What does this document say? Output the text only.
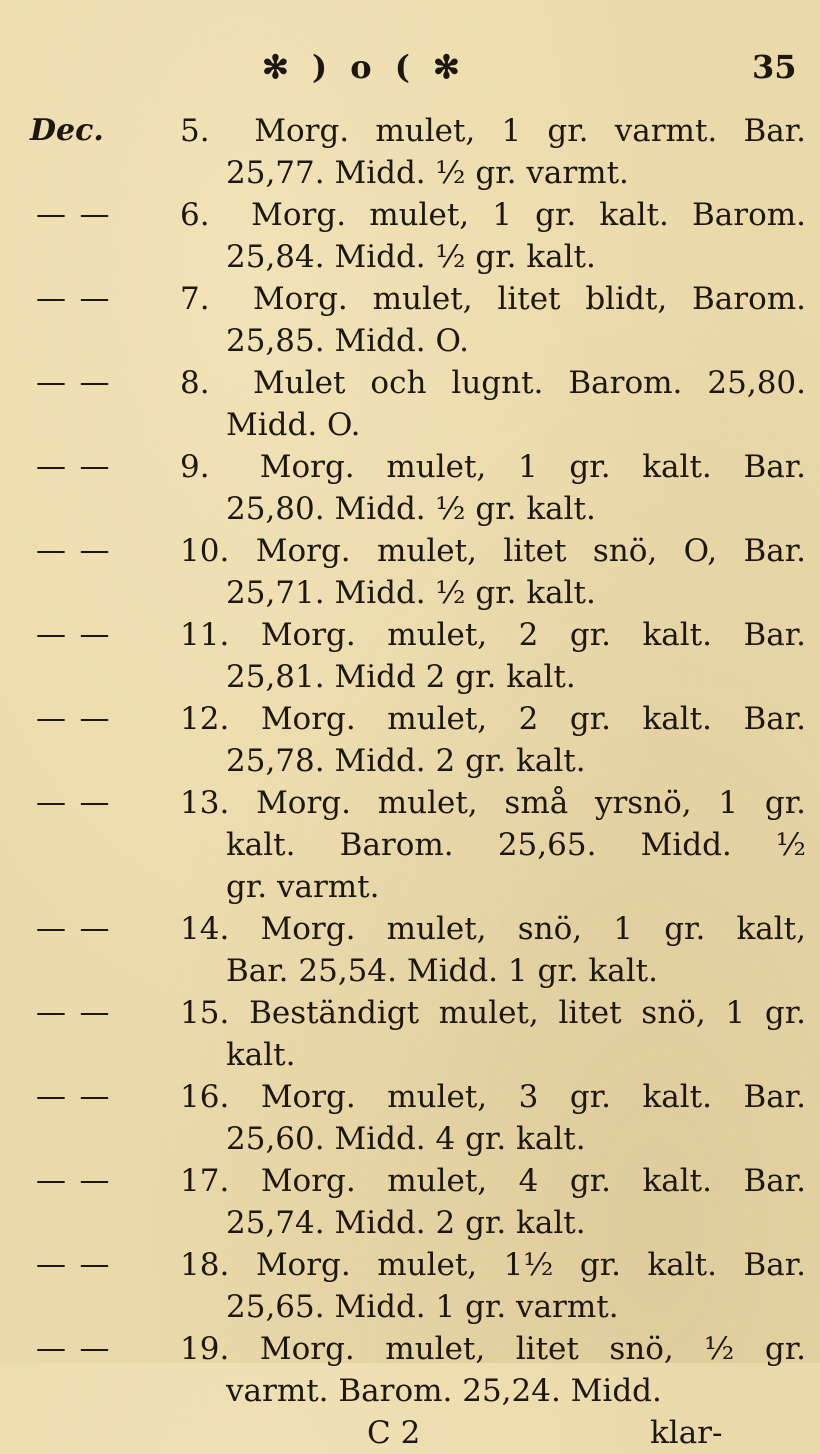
✻ ) o ( ✻	35
Dec.	5. Morg. mulet, 1 gr. varmt. Bar.
25,77. Midd. ½ gr. varmt.
— — 6. Morg. mulet, 1 gr. kalt. Barom.
25,84. Midd. ½ gr. kalt.
— — 7. Morg. mulet, litet blidt, Barom.
25,85. Midd. O.
— — 8. Mulet och lugnt. Barom. 25,80.
Midd. O.
— — 9. Morg. mulet, 1 gr. kalt. Bar.
25,80. Midd. ½ gr. kalt.
— — 10. Morg. mulet, litet snö, O, Bar.
25,71. Midd. ½ gr. kalt.
— — 11. Morg. mulet, 2 gr. kalt. Bar.
25,81. Midd 2 gr. kalt.
— — 12. Morg. mulet, 2 gr. kalt. Bar.
25,78. Midd. 2 gr. kalt.
— — 13. Morg. mulet, små yrsnö, 1 gr.
kalt. Barom. 25,65. Midd. ½
gr. varmt.
— — 14. Morg. mulet, snö, 1 gr. kalt,
Bar. 25,54. Midd. 1 gr. kalt.
— — 15. Beständigt mulet, litet snö, 1 gr.
kalt.
— — 16. Morg. mulet, 3 gr. kalt. Bar.
25,60. Midd. 4 gr. kalt.
— — 17. Morg. mulet, 4 gr. kalt. Bar.
25,74. Midd. 2 gr. kalt.
— — 18. Morg. mulet, 1½ gr. kalt. Bar.
25,65. Midd. 1 gr. varmt.
— — 19. Morg. mulet, litet snö, ½ gr.
varmt. Barom. 25,24. Midd.
C 2	klar-
